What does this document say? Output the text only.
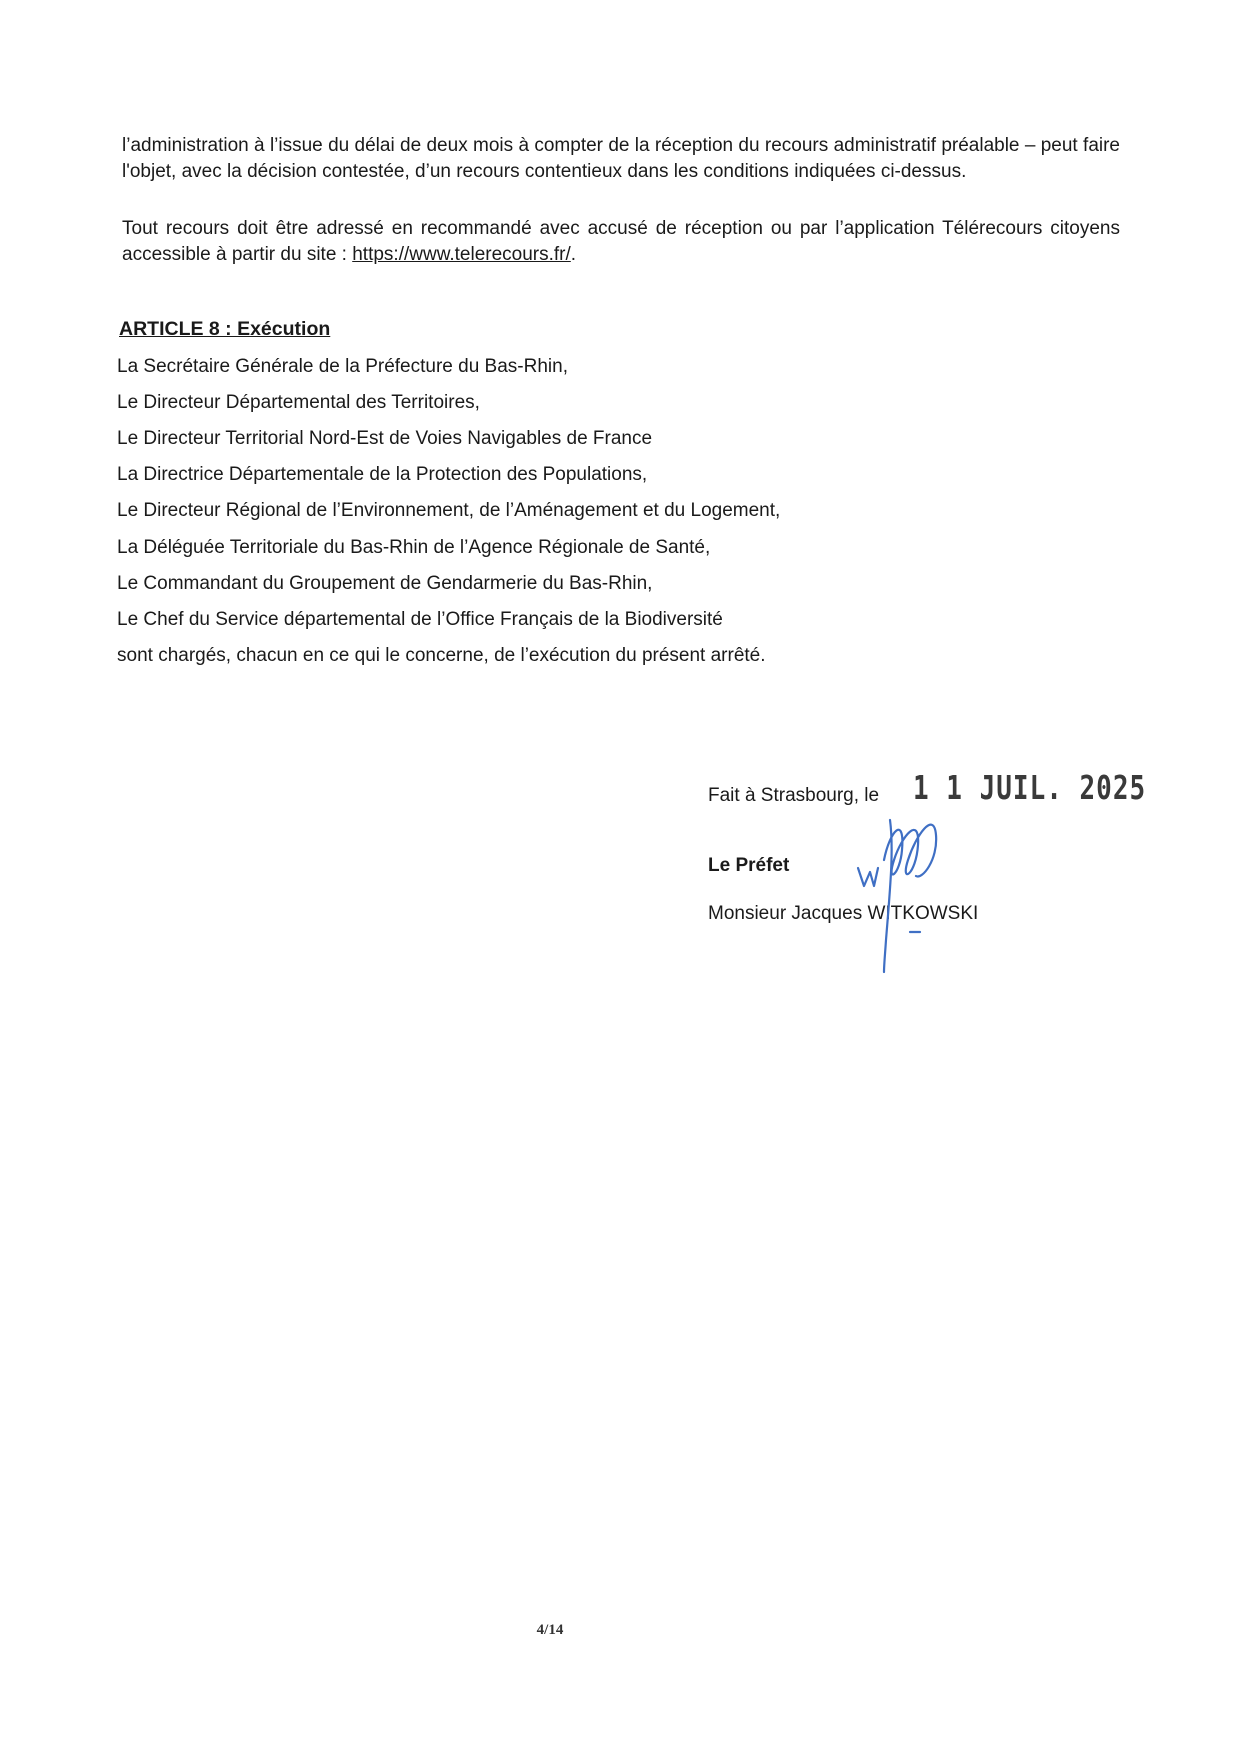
l’administration à l’issue du délai de deux mois à compter de la réception du recours administratif préalable – peut faire l'objet, avec la décision contestée, d’un recours contentieux dans les conditions indiquées ci-dessus.

Tout recours doit être adressé en recommandé avec accusé de réception ou par l’application Télérecours citoyens accessible à partir du site : https://www.telerecours.fr/.

ARTICLE 8 : Exécution

La Secrétaire Générale de la Préfecture du Bas-Rhin,

Le Directeur Départemental des Territoires,

Le Directeur Territorial Nord-Est de Voies Navigables de France

La Directrice Départementale de la Protection des Populations,

Le Directeur Régional de l’Environnement, de l’Aménagement et du Logement,

La Déléguée Territoriale du Bas-Rhin de l’Agence Régionale de Santé,

Le Commandant du Groupement de Gendarmerie du Bas-Rhin,

Le Chef du Service départemental de l’Office Français de la Biodiversité

sont chargés, chacun en ce qui le concerne, de l’exécution du présent arrêté.

Fait à Strasbourg, le 1 1 JUIL. 2025

Le Préfet

Monsieur Jacques WITKOWSKI

4/14
